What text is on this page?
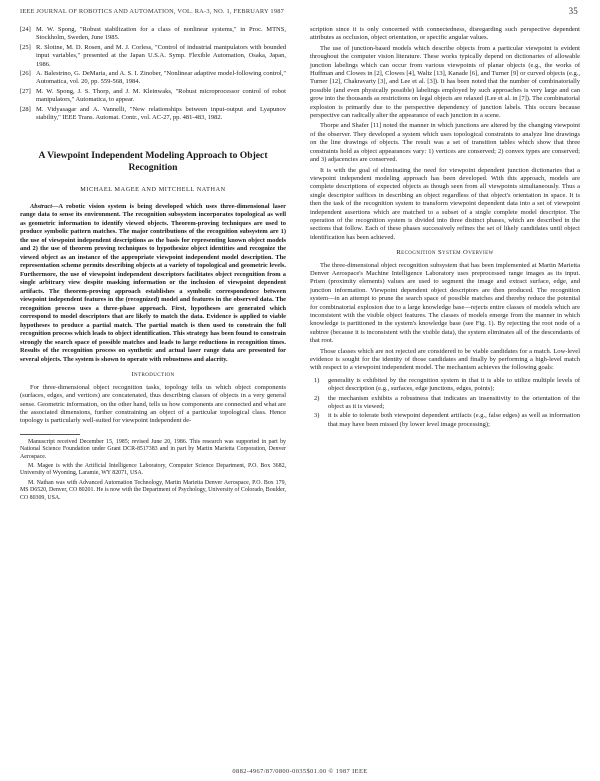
IEEE JOURNAL OF ROBOTICS AND AUTOMATION, VOL. RA-3, NO. 1, FEBRUARY 1987	35
[24] M. W. Spong, "Robust stabilization for a class of nonlinear systems," in Proc. MTNS, Stockholm, Sweden, June 1985.
[25] R. Slotine, M. D. Rosen, and M. J. Corless, "Control of industrial manipulators with bounded input variables," presented at the Japan U.S.A. Symp. Flexible Automation, Osaka, Japan, 1986.
[26] A. Balestrino, G. DeMaria, and A. S. I. Zinober, "Nonlinear adaptive model-following control," Automatica, vol. 20, pp. 559-568, 1984.
[27] M. W. Spong, J. S. Thorp, and J. M. Kleinwaks, "Robust microprocessor control of robot manipulators," Automatica, to appear.
[28] M. Vidyasagar and A. Vannelli, "New relationships between input-output and Lyapunov stability," IEEE Trans. Automat. Contr., vol. AC-27, pp. 481-483, 1982.
A Viewpoint Independent Modeling Approach to Object Recognition
MICHAEL MAGEE AND MITCHELL NATHAN

Abstract—A robotic vision system is being developed which uses three-dimensional laser range data to sense its environment. The recognition subsystem incorporates topological as well as geometric information to identify viewed objects. Theorem-proving techniques are used to produce symbolic pattern matches. The major contributions of the recognition subsystem are 1) the use of viewpoint independent descriptions as the basis for representing known object models and 2) the use of theorem proving techniques to hypothesize object identities and recognize the viewed object as an instance of the appropriate viewpoint independent model description. The representation scheme permits describing objects at a variety of topological and geometric levels. Furthermore, the use of viewpoint independent descriptors facilitates object recognition from a single arbitrary view despite masking information or the inclusion of viewpoint dependent artifacts. The theorem-proving approach establishes a symbolic correspondence between viewpoint independent features in the (recognized) model and features in the observed data. The recognition process uses a three-phase approach. First, hypotheses are generated which correspond to model descriptors that are likely to match the data. Evidence is applied to viable hypotheses to produce a partial match. The partial match is then used to constrain the full recognition process which leads to object identification. This strategy has been found to constrain strongly the search space of possible matches and leads to large reductions in recognition times. Results of the recognition process on synthetic and actual laser range data are presented for several objects. The system is shown to operate with robustness and alacrity.

Introduction

For three-dimensional object recognition tasks, topology tells us which object components (surfaces, edges, and vertices) are concatenated, thus describing classes of objects in a very general sense. Geometric information, on the other hand, tells us how components are connected and what are the associated dimensions, further constraining an object of a particular topological class. Hence topology is particularly well-suited for viewpoint independent de-

Manuscript received December 15, 1985; revised June 20, 1986. This research was supported in part by National Science Foundation under Grant DCR-8517383 and in part by Martin Marietta Corporation, Denver Aerospace.

M. Magee is with the Artificial Intelligence Laboratory, Computer Science Department, P.O. Box 3682, University of Wyoming, Laramie, WY 82071, USA.

M. Nathan was with Advanced Automation Technology, Martin Marietta Denver Aerospace, P.O. Box 179, MS D6520, Denver, CO 80201. He is now with the Department of Psychology, University of Colorado, Boulder, CO 80309, USA.

scription since it is only concerned with connectedness, disregarding such perspective dependent attributes as occlusion, object orientation, or specific angular values.

The use of junction-based models which describe objects from a particular viewpoint is evident throughout the computer vision literature. These works typically depend on dictionaries of allowable junction labelings which can occur from various viewpoints of planar objects (e.g., the works of Huffman and Clowes in [2], Clowes [4], Waltz [13], Kanade [6], and Turner [9] or curved objects (e.g., Turner [12], Chakravarty [3], and Lee et al. [3]). It has been noted that the number of combinatorially possible (and even physically possible) labelings employed by such approaches is very large and can grow into the thousands as restrictions on legal objects are relaxed (Lee et al. in [7]). The combinatorial explosion is primarily due to the perspective dependency of junction labels. This occurs because perspective can radically alter the appearance of each junction in a scene.

Thorpe and Shafer [11] noted the manner in which junctions are altered by the changing viewpoint of the observer. They developed a system which uses topological constraints to analyze line drawings on the line drawings of objects. The result was a set of transition tables which show that three constraints hold as object appearances vary: 1) vertices are conserved; 2) convex types are conserved; and 3) adjacencies are conserved.

It is with the goal of eliminating the need for viewpoint dependent junction dictionaries that a viewpoint independent modeling approach has been developed. With this approach, models are complete descriptions of expected objects as though seen from all viewpoints simultaneously. Thus a single descriptor suffices in describing an object regardless of that object's orientation in space. It is then the task of the recognition system to transform viewpoint dependent data into a set of viewpoint independent assertions which are matched to a subset of a single complete model descriptor. The operation of the recognition system is divided into three distinct phases, which are described in the sections that follow. Each of these phases successively refines the set of likely candidates until object identification has been achieved.

Recognition System Overview

The three-dimensional object recognition subsystem that has been implemented at Martin Marietta Denver Aerospace's Machine Intelligence Laboratory uses preprocessed range images as its input. Prism (proximity elements) values are used to segment the image and extract surface, edge, and junction information. Viewpoint dependent object descriptors are then produced. The recognition system—in an attempt to prune the search space of possible matches and thereby reduce the potential for combinatorial explosion due to a large knowledge base—rejects entire classes of models which are inconsistent with the visible object features. The classes of models emerge from the manner in which knowledge is partitioned in the system's knowledge base (see Fig. 1). By rejecting the root node of a subtree (because it is inconsistent with the visible data), the system eliminates all of the descendants of that root.

Those classes which are not rejected are considered to be viable candidates for a match. Low-level evidence is sought for the identity of those candidates and finally by performing a high-level match with respect to a viewpoint independent model. The mechanism achieves the following goals:

1)	generality is exhibited by the recognition system in that it is able to utilize multiple levels of object description (e.g., surfaces, edge junctions, edges, points);
2)	the mechanism exhibits a robustness that indicates an insensitivity to the orientation of the object as it is viewed;
3)	it is able to tolerate both viewpoint dependent artifacts (e.g., false edges) as well as information that may have been missed (by lower level image processing);
0882-4967/87/0800-0035$01.00 © 1987 IEEE
